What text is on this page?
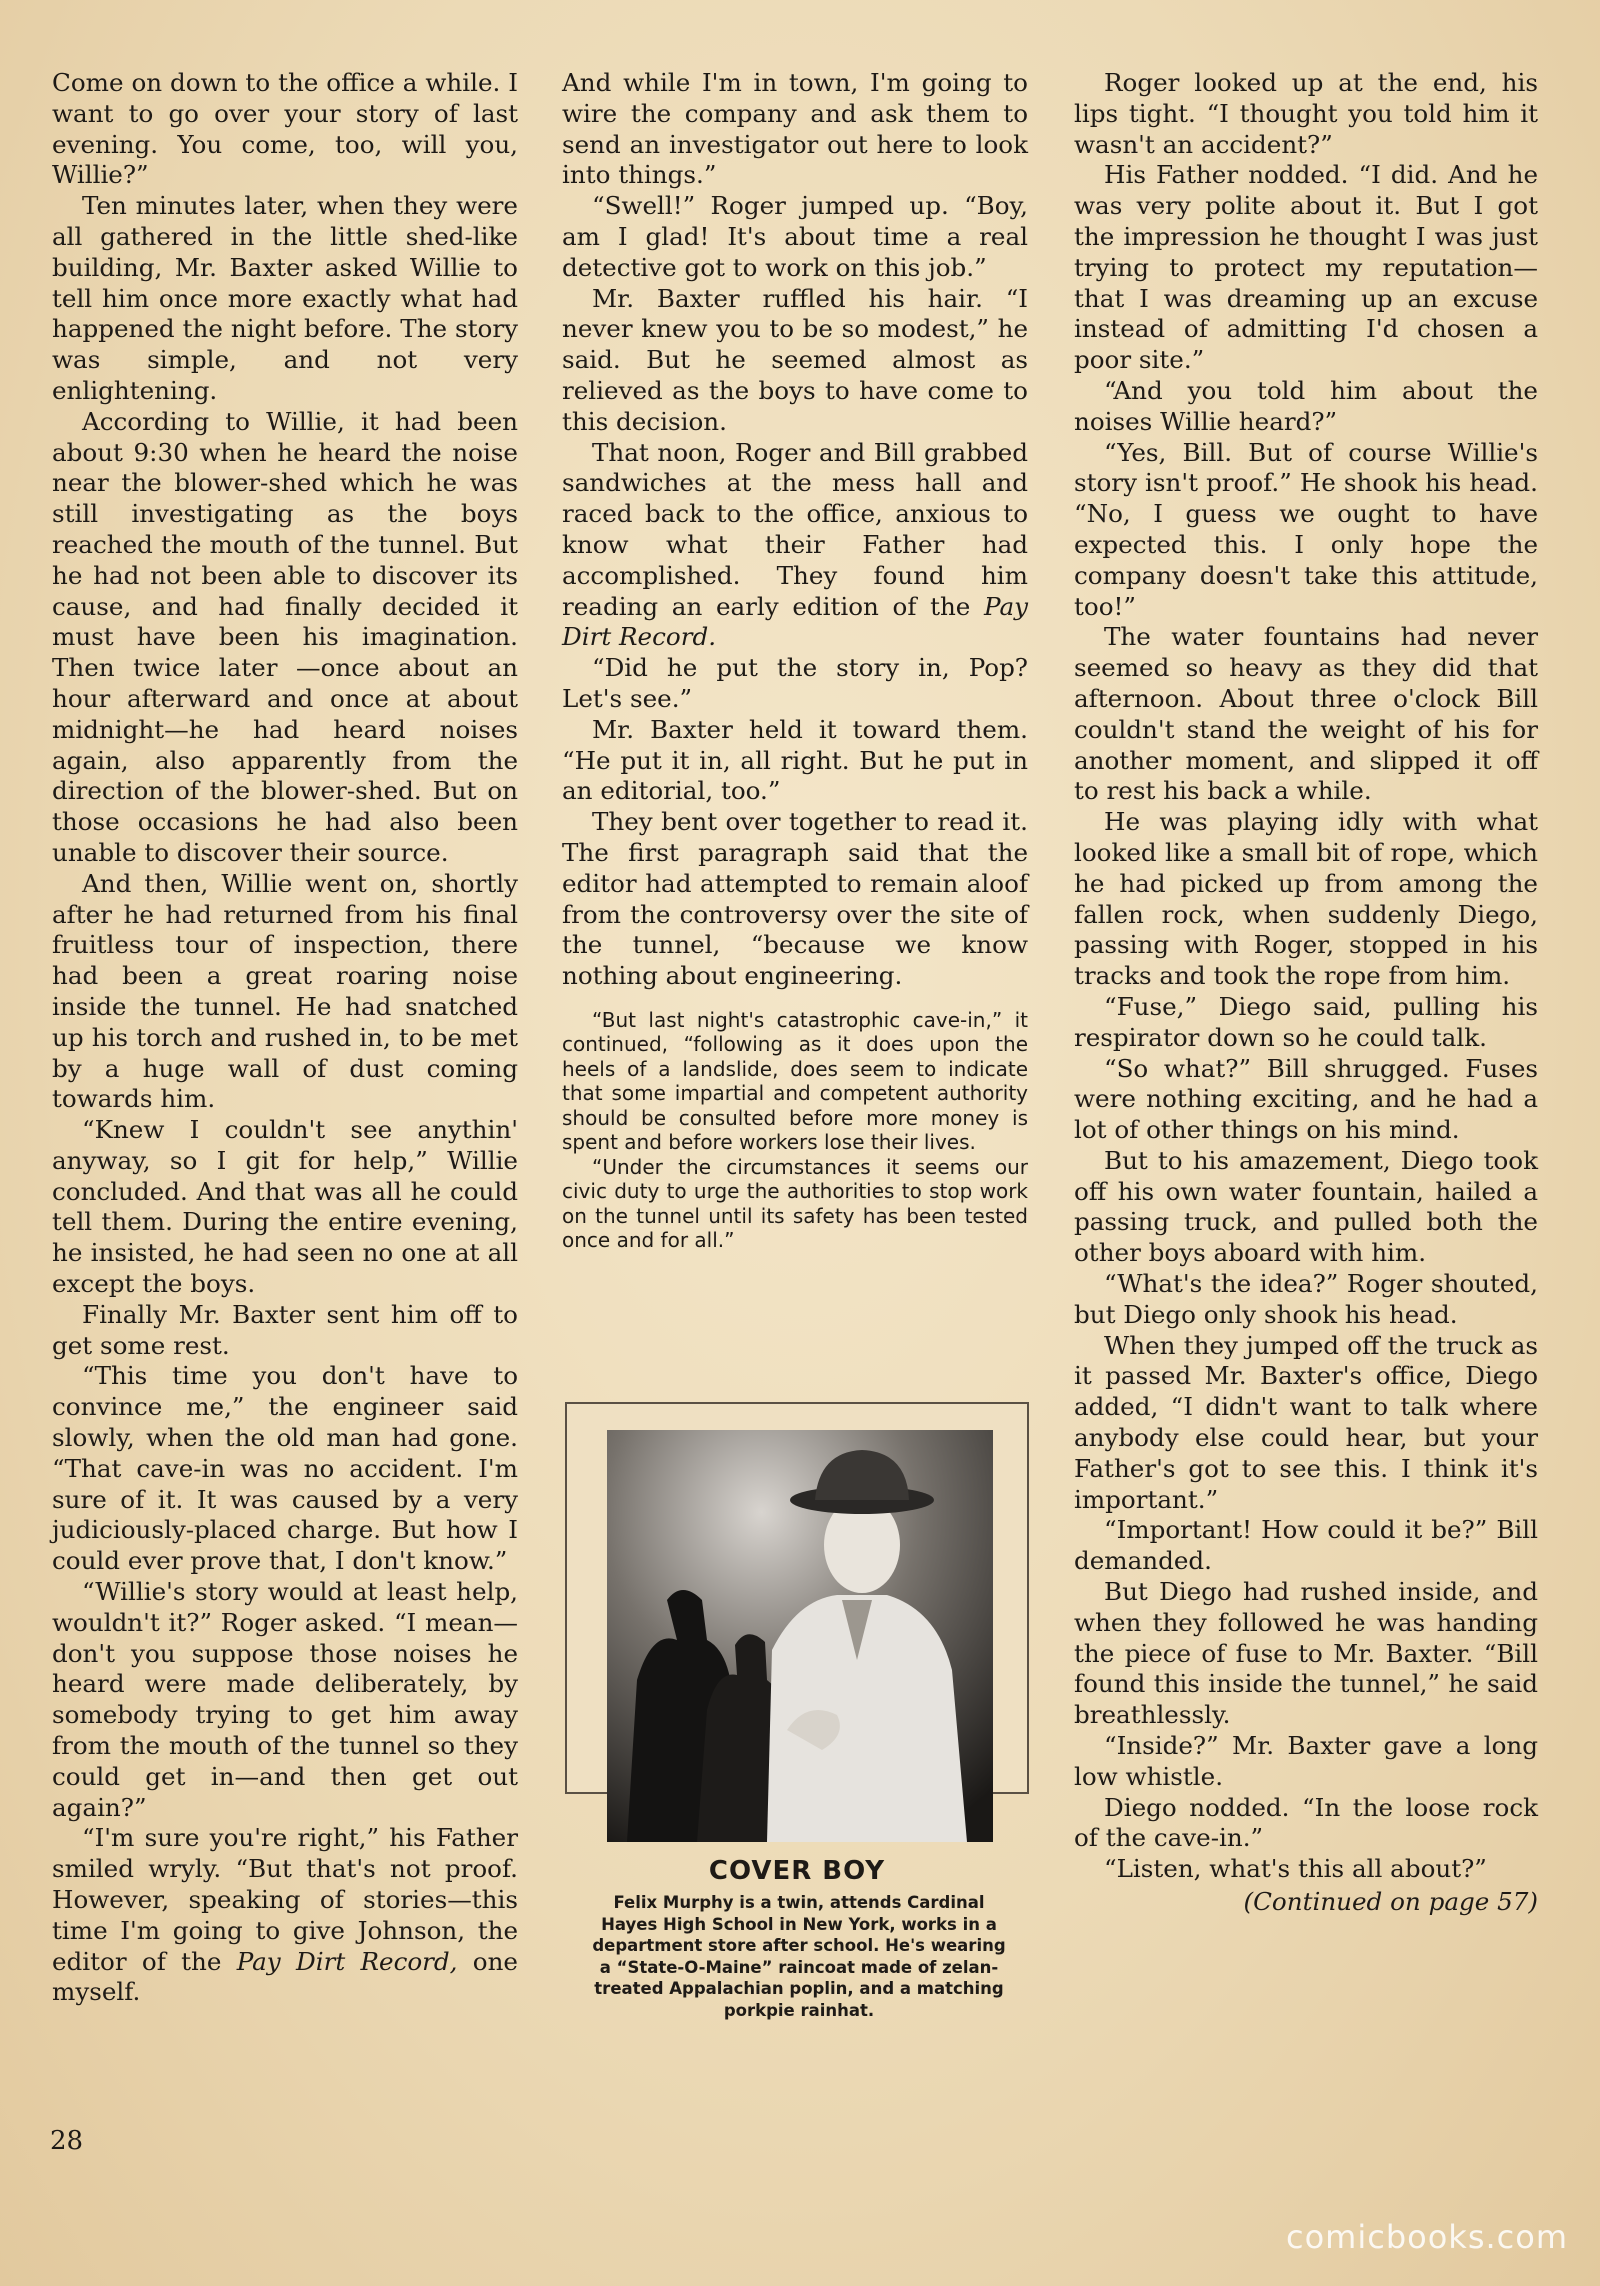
Come on down to the office a while. I want to go over your story of last evening. You come, too, will you, Willie?”

Ten minutes later, when they were all gathered in the little shed-like building, Mr. Baxter asked Willie to tell him once more exactly what had happened the night before. The story was simple, and not very enlightening.

According to Willie, it had been about 9:30 when he heard the noise near the blower-shed which he was still investigating as the boys reached the mouth of the tunnel. But he had not been able to discover its cause, and had finally decided it must have been his imagination. Then twice later —once about an hour afterward and once at about midnight—he had heard noises again, also apparently from the direction of the blower-shed. But on those occasions he had also been unable to discover their source.

And then, Willie went on, shortly after he had returned from his final fruitless tour of inspection, there had been a great roaring noise inside the tunnel. He had snatched up his torch and rushed in, to be met by a huge wall of dust coming towards him.

“Knew I couldn't see anythin' anyway, so I git for help,” Willie concluded. And that was all he could tell them. During the entire evening, he insisted, he had seen no one at all except the boys.

Finally Mr. Baxter sent him off to get some rest.

“This time you don't have to convince me,” the engineer said slowly, when the old man had gone. “That cave-in was no accident. I'm sure of it. It was caused by a very judiciously-placed charge. But how I could ever prove that, I don't know.”

“Willie's story would at least help, wouldn't it?” Roger asked. “I mean—don't you suppose those noises he heard were made deliberately, by somebody trying to get him away from the mouth of the tunnel so they could get in—and then get out again?”

“I'm sure you're right,” his Father smiled wryly. “But that's not proof. However, speaking of stories—this time I'm going to give Johnson, the editor of the Pay Dirt Record, one myself.

And while I'm in town, I'm going to wire the company and ask them to send an investigator out here to look into things.”

“Swell!” Roger jumped up. “Boy, am I glad! It's about time a real detective got to work on this job.”

Mr. Baxter ruffled his hair. “I never knew you to be so modest,” he said. But he seemed almost as relieved as the boys to have come to this decision.

That noon, Roger and Bill grabbed sandwiches at the mess hall and raced back to the office, anxious to know what their Father had accomplished. They found him reading an early edition of the Pay Dirt Record.

“Did he put the story in, Pop? Let's see.”

Mr. Baxter held it toward them. “He put it in, all right. But he put in an editorial, too.”

They bent over together to read it. The first paragraph said that the editor had attempted to remain aloof from the controversy over the site of the tunnel, “because we know nothing about engineering.

“But last night's catastrophic cave-in,” it continued, “following as it does upon the heels of a landslide, does seem to indicate that some impartial and competent authority should be consulted before more money is spent and before workers lose their lives.

“Under the circumstances it seems our civic duty to urge the authorities to stop work on the tunnel until its safety has been tested once and for all.”

COVER BOY
Felix Murphy is a twin, attends Cardinal Hayes High School in New York, works in a department store after school. He's wearing a “State-O-Maine” raincoat made of zelan-treated Appalachian poplin, and a matching porkpie rainhat.

Roger looked up at the end, his lips tight. “I thought you told him it wasn't an accident?”

His Father nodded. “I did. And he was very polite about it. But I got the impression he thought I was just trying to protect my reputation—that I was dreaming up an excuse instead of admitting I'd chosen a poor site.”

“And you told him about the noises Willie heard?”

“Yes, Bill. But of course Willie's story isn't proof.” He shook his head. “No, I guess we ought to have expected this. I only hope the company doesn't take this attitude, too!”

The water fountains had never seemed so heavy as they did that afternoon. About three o'clock Bill couldn't stand the weight of his for another moment, and slipped it off to rest his back a while.

He was playing idly with what looked like a small bit of rope, which he had picked up from among the fallen rock, when suddenly Diego, passing with Roger, stopped in his tracks and took the rope from him.

“Fuse,” Diego said, pulling his respirator down so he could talk.

“So what?” Bill shrugged. Fuses were nothing exciting, and he had a lot of other things on his mind.

But to his amazement, Diego took off his own water fountain, hailed a passing truck, and pulled both the other boys aboard with him.

“What's the idea?” Roger shouted, but Diego only shook his head.

When they jumped off the truck as it passed Mr. Baxter's office, Diego added, “I didn't want to talk where anybody else could hear, but your Father's got to see this. I think it's important.”

“Important! How could it be?” Bill demanded.

But Diego had rushed inside, and when they followed he was handing the piece of fuse to Mr. Baxter. “Bill found this inside the tunnel,” he said breathlessly.

“Inside?” Mr. Baxter gave a long low whistle.

Diego nodded. “In the loose rock of the cave-in.”

“Listen, what's this all about?”

(Continued on page 57)
28
comicbooks.com
